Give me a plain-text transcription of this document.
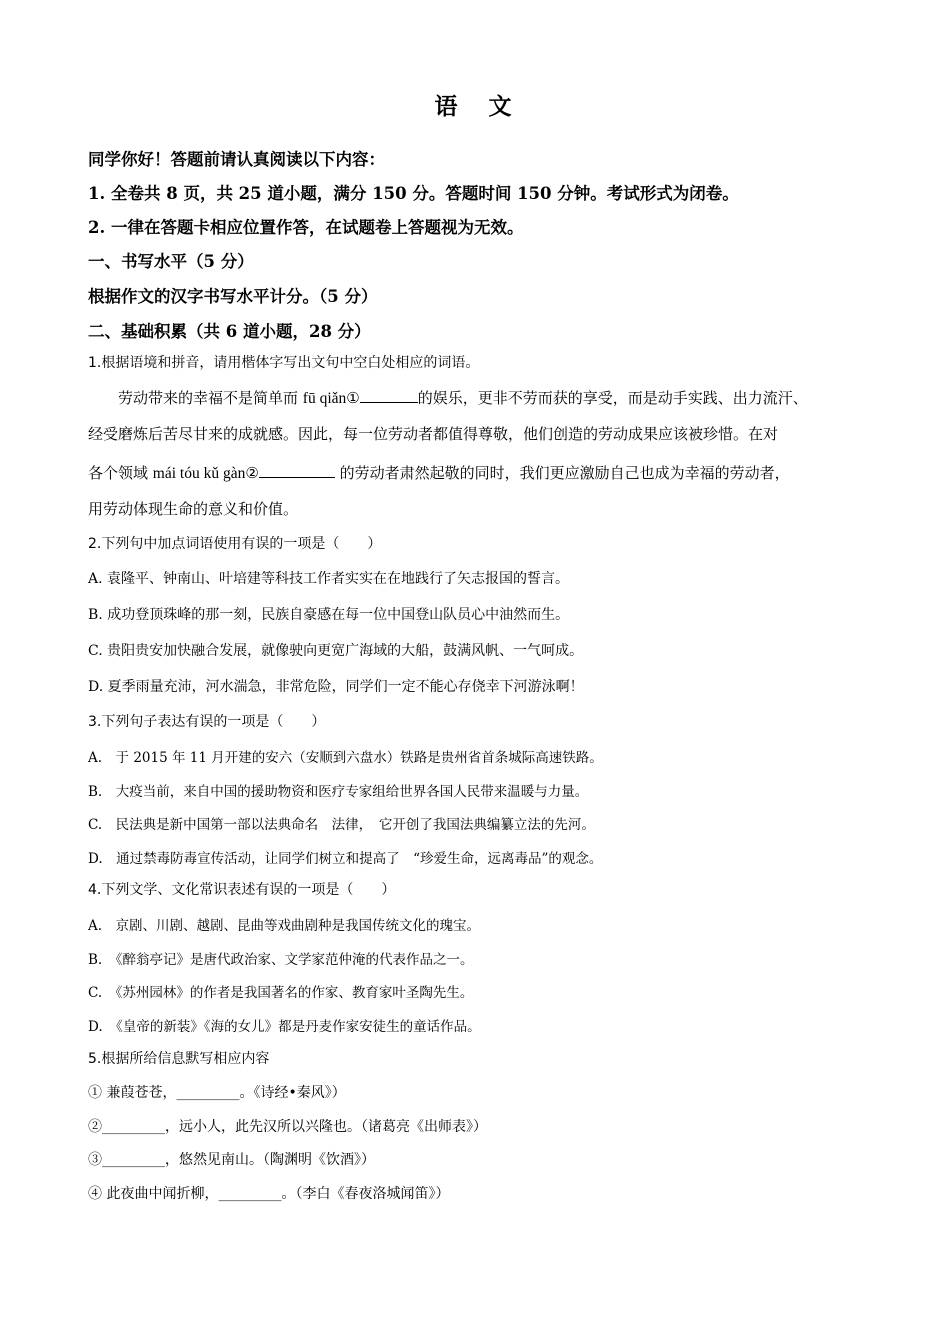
语　文
同学你好！答题前请认真阅读以下内容：
1. 全卷共 8 页，共 25 道小题，满分 150 分。答题时间 150 分钟。考试形式为闭卷。
2. 一律在答题卡相应位置作答，在试题卷上答题视为无效。
一、书写水平（5 分）
根据作文的汉字书写水平计分。（5 分）
二、基础积累（共 6 道小题，28 分）
1.根据语境和拼音，请用楷体字写出文句中空白处相应的词语。
劳动带来的幸福不是简单而 fū qiǎn①	的娱乐，更非不劳而获的享受，而是动手实践、出力流汗、
经受磨炼后苦尽甘来的成就感。因此，每一位劳动者都值得尊敬，他们创造的劳动成果应该被珍惜。在对
各个领域 mái tóu kǔ gàn②	的劳动者肃然起敬的同时，我们更应激励自己也成为幸福的劳动者，
用劳动体现生命的意义和价值。
2.下列句中加点词语使用有误的一项是（　　）
A. 袁隆平、钟南山、叶培建等科技工作者实实在在地践行了矢志报国的誓言。
B. 成功登顶珠峰的那一刻，民族自豪感在每一位中国登山队员心中油然而生。
C. 贵阳贵安加快融合发展，就像驶向更宽广海域的大船，鼓满风帆、一气呵成。
D. 夏季雨量充沛，河水湍急，非常危险，同学们一定不能心存侥幸下河游泳啊！
3.下列句子表达有误的一项是（　　）
A.　于 2015 年 11 月开建的安六（安顺到六盘水）铁路是贵州省首条城际高速铁路。
B.　大疫当前，来自中国的援助物资和医疗专家组给世界各国人民带来温暖与力量。
C.　民法典是新中国第一部以法典命名　法律，　它开创了我国法典编纂立法的先河。
D.　通过禁毒防毒宣传活动，让同学们树立和提高了　“珍爱生命，远离毒品”的观念。
4.下列文学、文化常识表述有误的一项是（　　）
A.　京剧、川剧、越剧、昆曲等戏曲剧种是我国传统文化的瑰宝。
B.　《醉翁亭记》是唐代政治家、文学家范仲淹的代表作品之一。
C.　《苏州园林》的作者是我国著名的作家、教育家叶圣陶先生。
D.　《皇帝的新装》《海的女儿》都是丹麦作家安徒生的童话作品。
5.根据所给信息默写相应内容
① 兼葭苍苍，_________。《诗经•秦风》）
②_________，远小人，此先汉所以兴隆也。（诸葛亮《出师表》）
③_________，悠然见南山。（陶渊明《饮酒》）
④ 此夜曲中闻折柳，_________。（李白《春夜洛城闻笛》）
